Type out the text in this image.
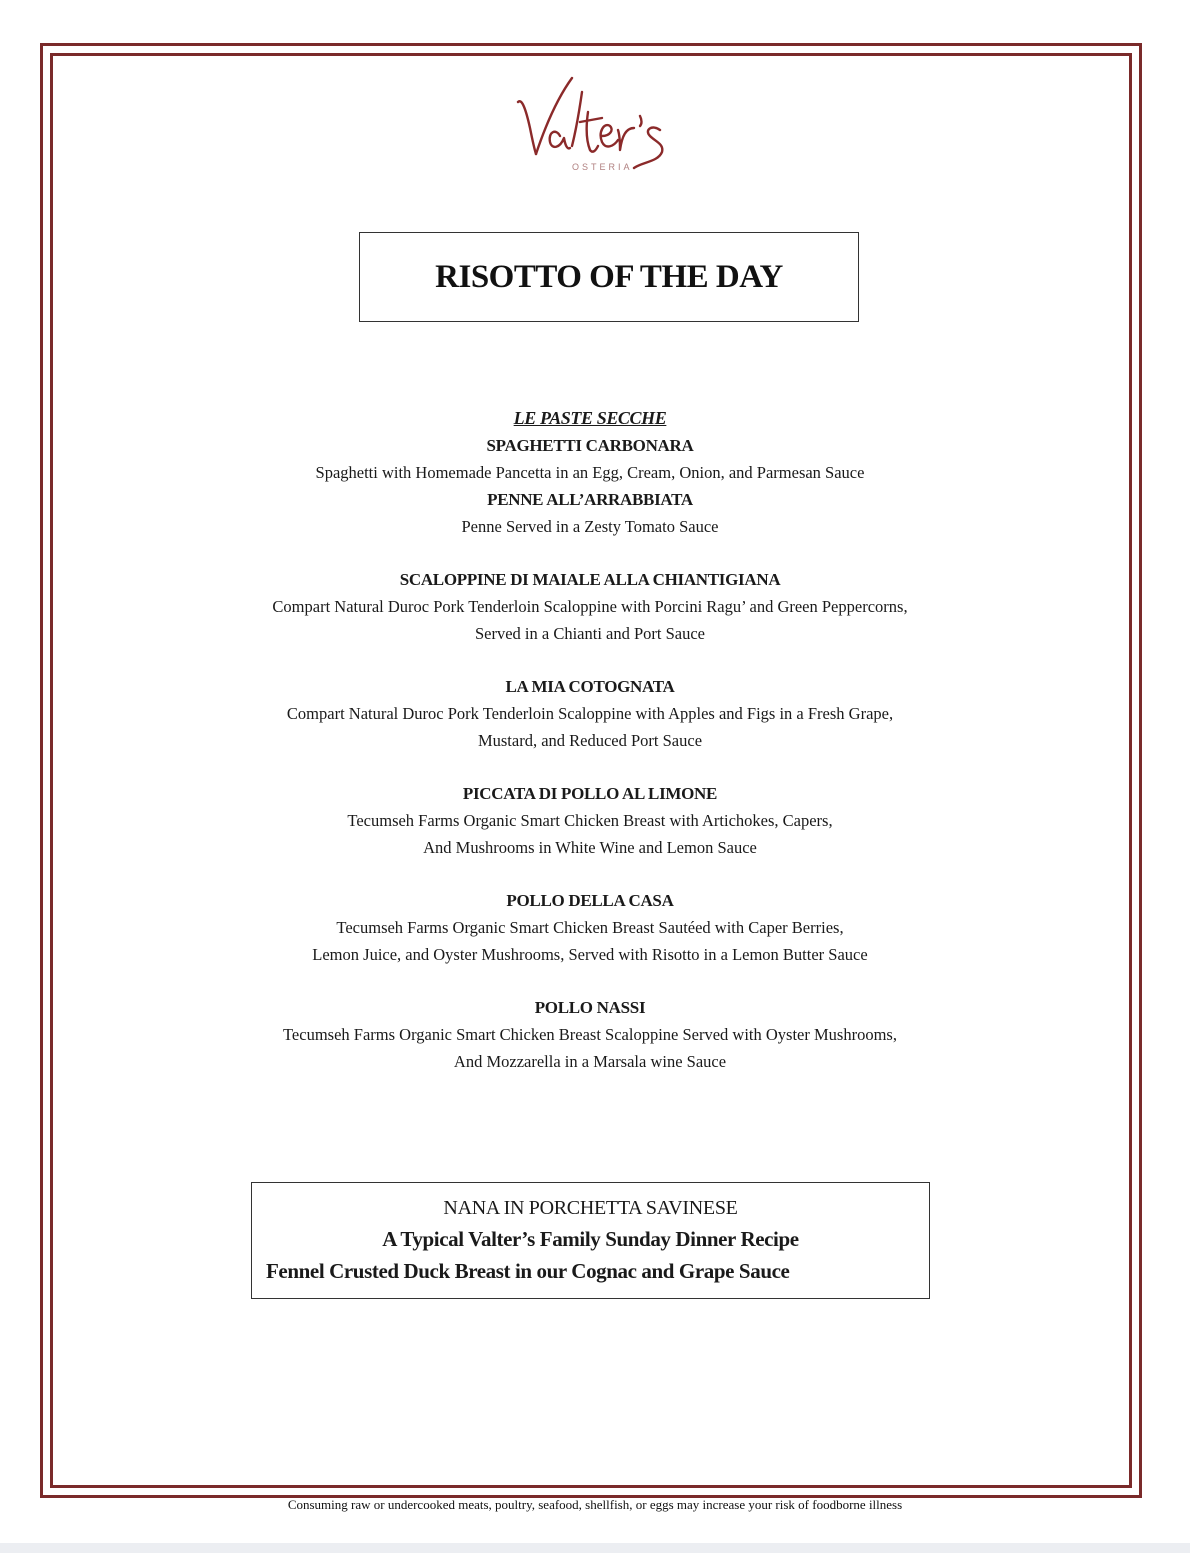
OSTERIA
RISOTTO OF THE DAY
LE PASTE SECCHE
SPAGHETTI CARBONARA
Spaghetti with Homemade Pancetta in an Egg, Cream, Onion, and Parmesan Sauce
PENNE ALL’ARRABBIATA
Penne Served in a Zesty Tomato Sauce
SCALOPPINE DI MAIALE ALLA CHIANTIGIANA
Compart Natural Duroc Pork Tenderloin Scaloppine with Porcini Ragu’ and Green Peppercorns,
Served in a Chianti and Port Sauce
LA MIA COTOGNATA
Compart Natural Duroc Pork Tenderloin Scaloppine with Apples and Figs in a Fresh Grape,
Mustard, and Reduced Port Sauce
PICCATA DI POLLO AL LIMONE
Tecumseh Farms Organic Smart Chicken Breast with Artichokes, Capers,
And Mushrooms in White Wine and Lemon Sauce
POLLO DELLA CASA
Tecumseh Farms Organic Smart Chicken Breast Sautéed with Caper Berries,
Lemon Juice, and Oyster Mushrooms, Served with Risotto in a Lemon Butter Sauce
POLLO NASSI
Tecumseh Farms Organic Smart Chicken Breast Scaloppine Served with Oyster Mushrooms,
And Mozzarella in a Marsala wine Sauce
NANA IN PORCHETTA SAVINESE
A Typical Valter’s Family Sunday Dinner Recipe
Fennel Crusted Duck Breast in our Cognac and Grape Sauce
Consuming raw or undercooked meats, poultry, seafood, shellfish, or eggs may increase your risk of foodborne illness
